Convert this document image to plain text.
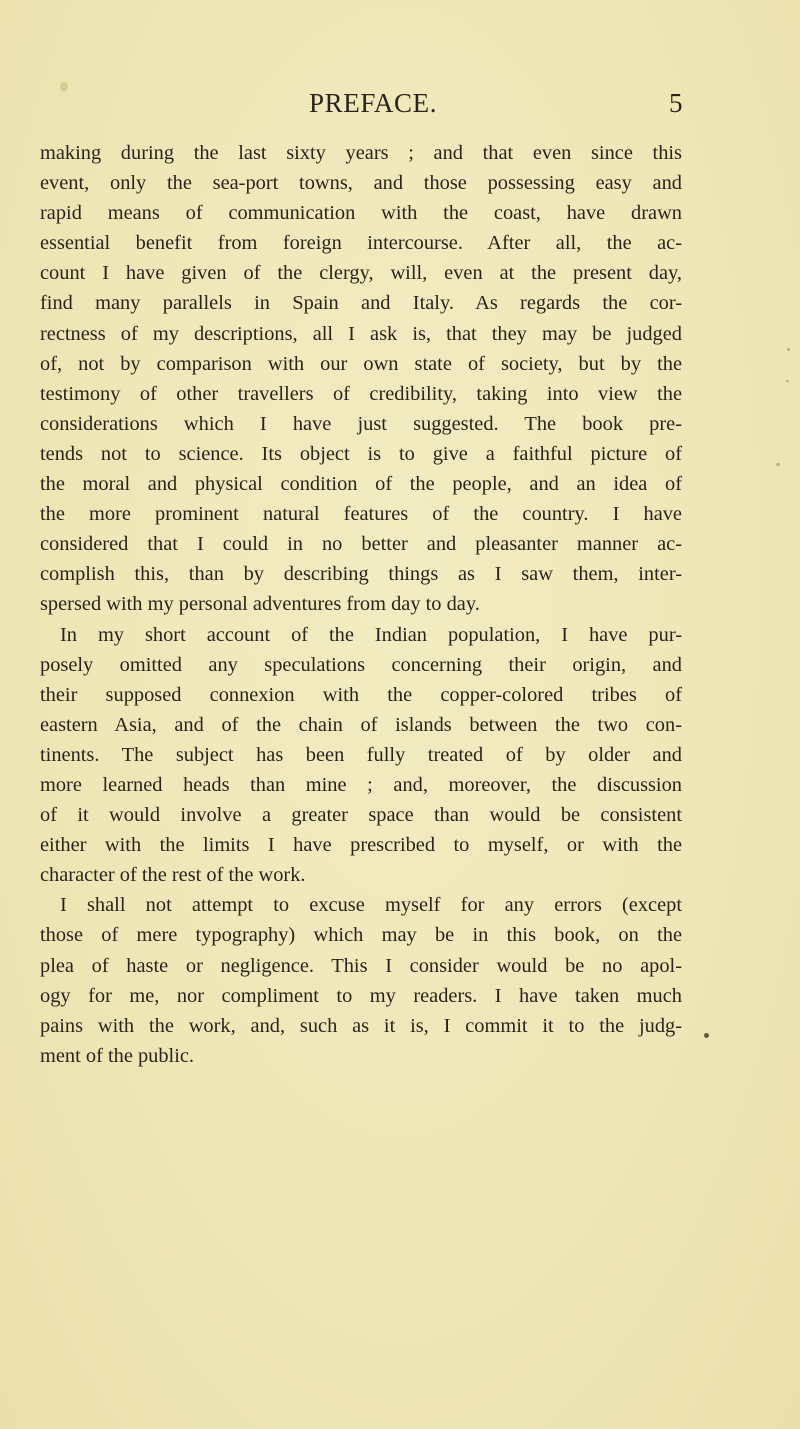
PREFACE.	5
making during the last sixty years ; and that even since this
event, only the sea-port towns, and those possessing easy and
rapid means of communication with the coast, have drawn
essential benefit from foreign intercourse. After all, the ac-
count I have given of the clergy, will, even at the present day,
find many parallels in Spain and Italy. As regards the cor-
rectness of my descriptions, all I ask is, that they may be judged
of, not by comparison with our own state of society, but by the
testimony of other travellers of credibility, taking into view the
considerations which I have just suggested. The book pre-
tends not to science. Its object is to give a faithful picture of
the moral and physical condition of the people, and an idea of
the more prominent natural features of the country. I have
considered that I could in no better and pleasanter manner ac-
complish this, than by describing things as I saw them, inter-
spersed with my personal adventures from day to day.
In my short account of the Indian population, I have pur-
posely omitted any speculations concerning their origin, and
their supposed connexion with the copper-colored tribes of
eastern Asia, and of the chain of islands between the two con-
tinents. The subject has been fully treated of by older and
more learned heads than mine ; and, moreover, the discussion
of it would involve a greater space than would be consistent
either with the limits I have prescribed to myself, or with the
character of the rest of the work.
I shall not attempt to excuse myself for any errors (except
those of mere typography) which may be in this book, on the
plea of haste or negligence. This I consider would be no apol-
ogy for me, nor compliment to my readers. I have taken much
pains with the work, and, such as it is, I commit it to the judg-
ment of the public.
